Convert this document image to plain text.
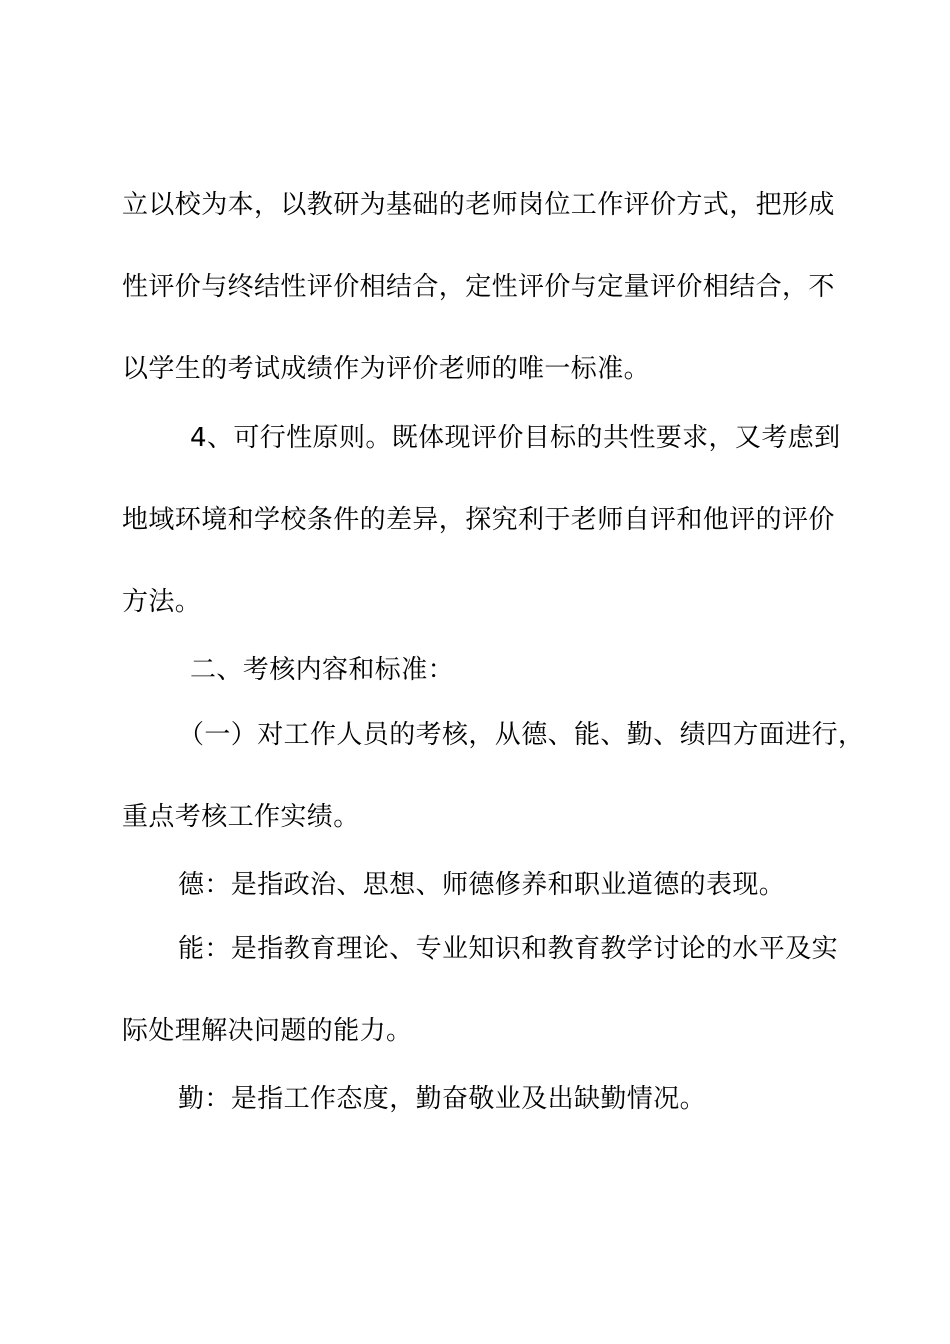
立以校为本，以教研为基础的老师岗位工作评价方式，把形成
性评价与终结性评价相结合，定性评价与定量评价相结合，不
以学生的考试成绩作为评价老师的唯一标准。
4、可行性原则。既体现评价目标的共性要求，又考虑到
地域环境和学校条件的差异，探究利于老师自评和他评的评价
方法。
二、考核内容和标准：
（一）对工作人员的考核，从德、能、勤、绩四方面进行，
重点考核工作实绩。
德：是指政治、思想、师德修养和职业道德的表现。
能：是指教育理论、专业知识和教育教学讨论的水平及实
际处理解决问题的能力。
勤：是指工作态度，勤奋敬业及出缺勤情况。
